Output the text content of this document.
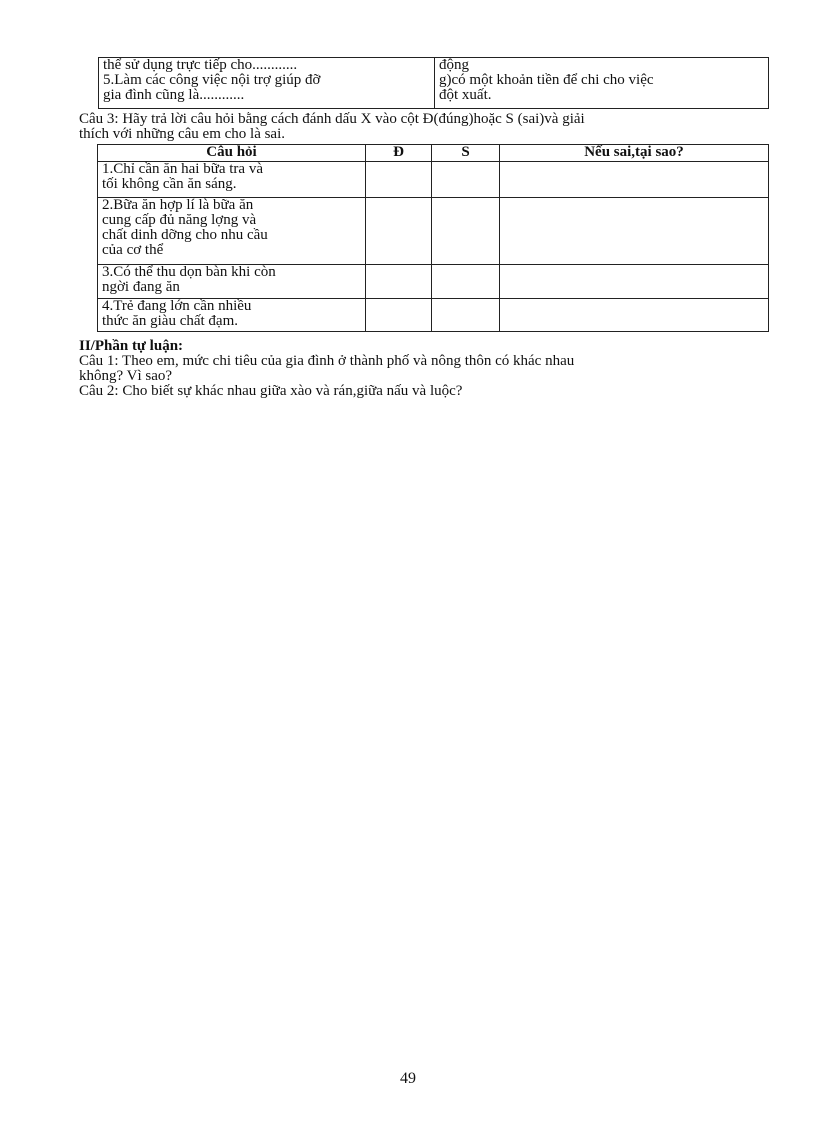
thể sử dụng trực tiếp cho............
5.Làm các công việc nội trợ giúp đỡ
gia đình cũng là............

động
g)có một khoản tiền để chi cho việc
đột xuất.
Câu 3: Hãy trả lời câu hỏi bằng cách đánh dấu X vào cột Đ(đúng)hoặc S (sai)và giải
thích với những câu em cho là sai.
Câu hỏi	Đ	S	Nếu sai,tại sao?

1.Chỉ cần ăn hai bữa tra và
tối không cần ăn sáng.			

2.Bữa ăn hợp lí là bữa ăn
cung cấp đủ năng lợng và
chất dinh dỡng cho nhu cầu
của cơ thể			

3.Có thể thu dọn bàn khi còn
ngời đang ăn			

4.Trẻ đang lớn cần nhiều
thức ăn giàu chất đạm.			

II/Phần tự luận:
Câu 1: Theo em, mức chi tiêu của gia đình ở thành phố và nông thôn có khác nhau
không? Vì sao?
Câu 2: Cho biết sự khác nhau giữa xào và rán,giữa nấu và luộc?
49
